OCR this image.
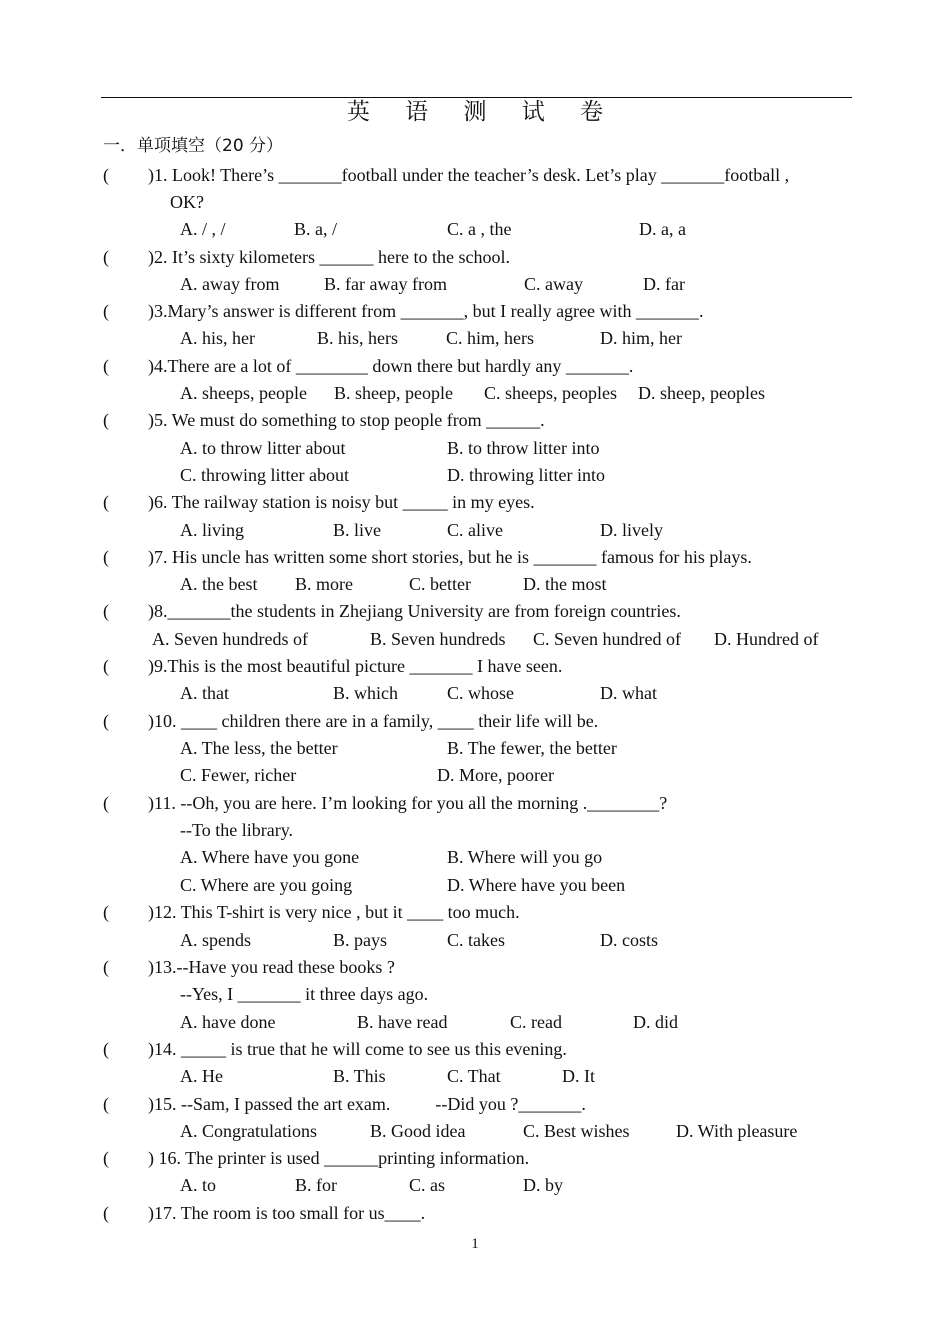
英 语 测 试 卷
一．单项填空（20 分）
( )1. Look! There’s _______football under the teacher’s desk. Let’s play _______football ,
OK?
A. / , /	B. a, /	C. a , the	D. a, a
( )2. It’s sixty kilometers ______ here to the school.
A. away from B. far away from	C. away	D. far
( )3.Mary’s answer is different from _______, but I really agree with _______.
A. his, her	B. his, hers	C. him, hers	D. him, her
( )4.There are a lot of ________ down there but hardly any _______.
A. sheeps, people B. sheep, people C. sheeps, peoples D. sheep, peoples
( )5. We must do something to stop people from ______.
A. to throw litter about	B. to throw litter into
C. throwing litter about	D. throwing litter into
( )6. The railway station is noisy but _____ in my eyes.
A. living	B. live	C. alive	D. lively
( )7. His uncle has written some short stories, but he is _______ famous for his plays.
A. the best B. more	C. better	D. the most
( )8._______the students in Zhejiang University are from foreign countries.
A. Seven hundreds of	B. Seven hundreds C. Seven hundred of D. Hundred of
( )9.This is the most beautiful picture _______ I have seen.
A. that	B. which	C. whose	D. what
( )10. ____ children there are in a family, ____ their life will be.
A. The less, the better	B. The fewer, the better
C. Fewer, richer	D. More, poorer
( )11. --Oh, you are here. I’m looking for you all the morning .________?
--To the library.
A. Where have you gone	B. Where will you go
C. Where are you going	D. Where have you been
( )12. This T-shirt is very nice , but it ____ too much.
A. spends	B. pays	C. takes	D. costs
( )13.--Have you read these books ?
--Yes, I _______ it three days ago.
A. have done	B. have read	C. read	D. did
( )14. _____ is true that he will come to see us this evening.
A. He	B. This	C. That	D. It
( )15. --Sam, I passed the art exam.          --Did you ?_______.
A. Congratulations	B. Good idea	C. Best wishes	D. With pleasure
( ) 16. The printer is used ______printing information.
A. to	B. for	C. as	D. by
( )17. The room is too small for us____.
1
